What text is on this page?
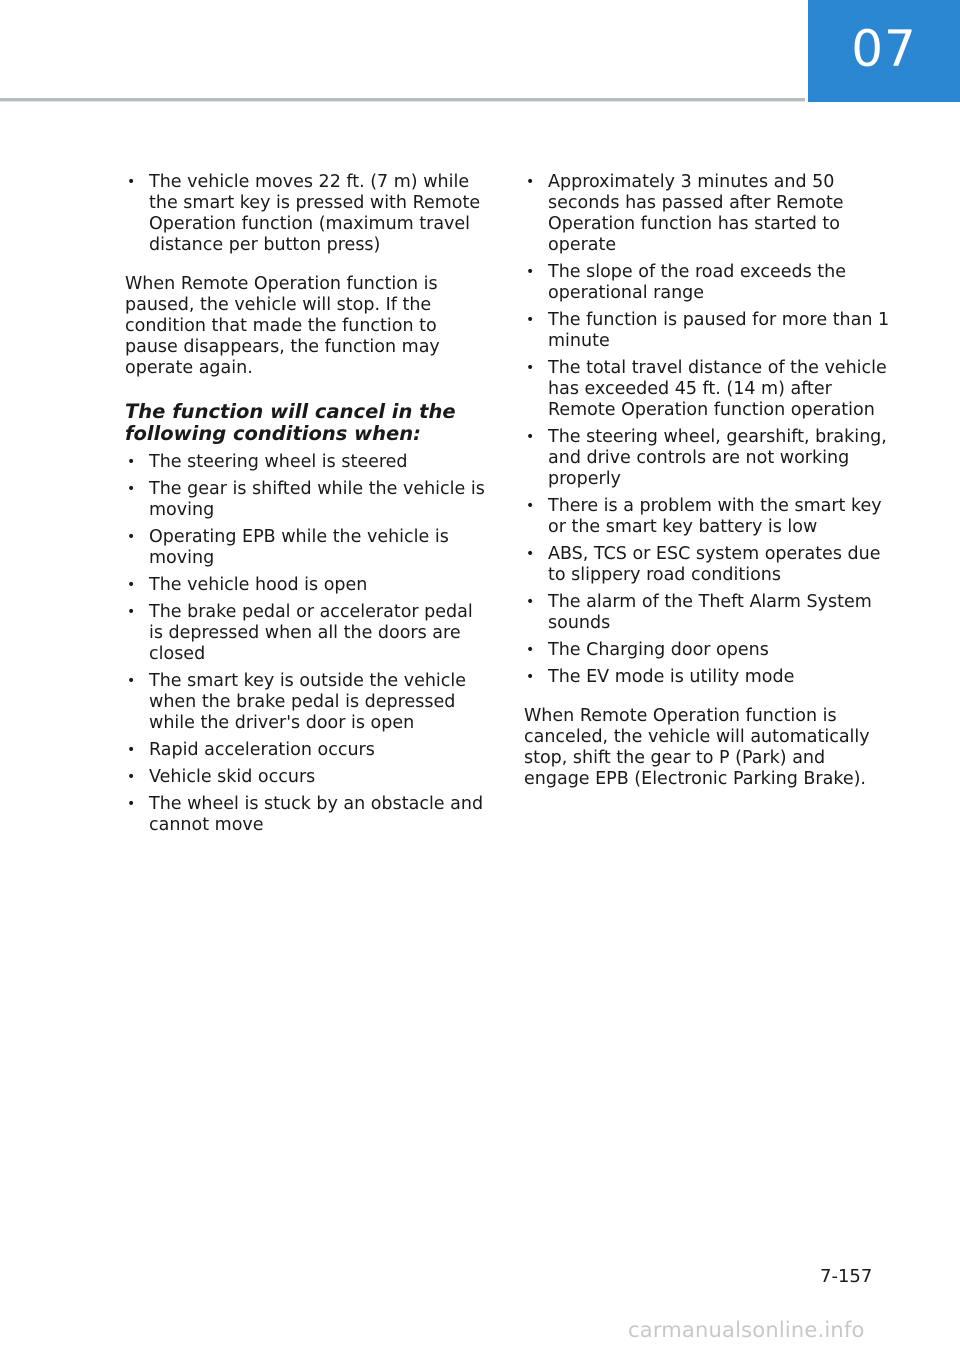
07
• The vehicle moves 22 ft. (7 m) while the smart key is pressed with Remote Operation function (maximum travel distance per button press)

When Remote Operation function is paused, the vehicle will stop. If the condition that made the function to pause disappears, the function may operate again.

The function will cancel in the
following conditions when:
• The steering wheel is steered
• The gear is shifted while the vehicle is moving
• Operating EPB while the vehicle is moving
• The vehicle hood is open
• The brake pedal or accelerator pedal is depressed when all the doors are closed
• The smart key is outside the vehicle when the brake pedal is depressed while the driver's door is open
• Rapid acceleration occurs
• Vehicle skid occurs
• The wheel is stuck by an obstacle and cannot move
• Approximately 3 minutes and 50 seconds has passed after Remote Operation function has started to operate
• The slope of the road exceeds the operational range
• The function is paused for more than 1 minute
• The total travel distance of the vehicle has exceeded 45 ft. (14 m) after Remote Operation function operation
• The steering wheel, gearshift, braking, and drive controls are not working properly
• There is a problem with the smart key or the smart key battery is low
• ABS, TCS or ESC system operates due to slippery road conditions
• The alarm of the Theft Alarm System sounds
• The Charging door opens
• The EV mode is utility mode

When Remote Operation function is canceled, the vehicle will automatically stop, shift the gear to P (Park) and engage EPB (Electronic Parking Brake).

7-157
carmanualsonline.info
